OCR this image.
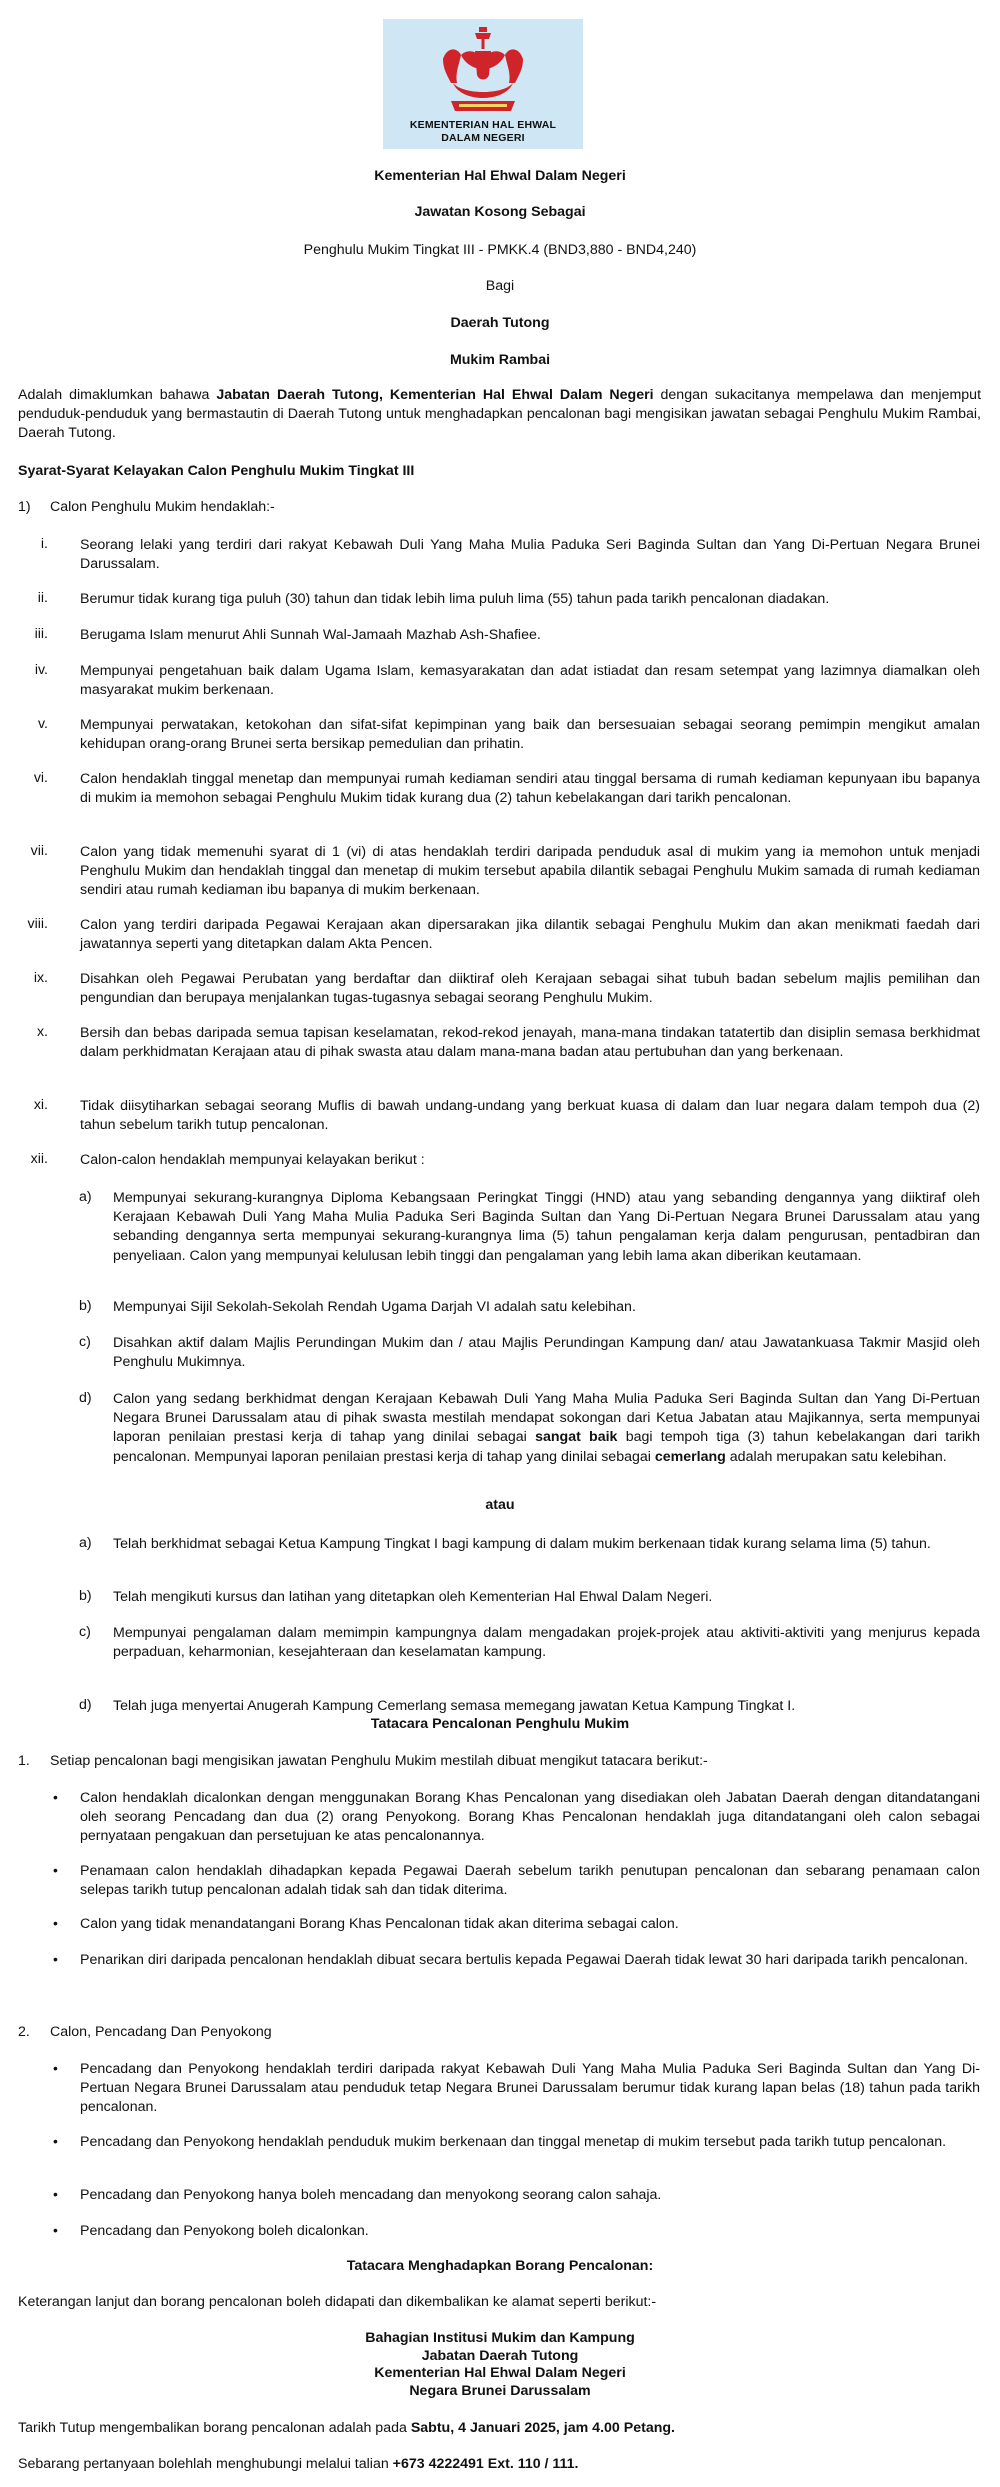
KEMENTERIAN HAL EHWAL
DALAM NEGERI
Kementerian Hal Ehwal Dalam Negeri
Jawatan Kosong Sebagai
Penghulu Mukim Tingkat III - PMKK.4 (BND3,880 - BND4,240)
Bagi
Daerah Tutong
Mukim Rambai
Adalah dimaklumkan bahawa Jabatan Daerah Tutong, Kementerian Hal Ehwal Dalam Negeri dengan sukacitanya mempelawa dan menjemput penduduk-penduduk yang bermastautin di Daerah Tutong untuk menghadapkan pencalonan bagi mengisikan jawatan sebagai Penghulu Mukim Rambai, Daerah Tutong.
Syarat-Syarat Kelayakan Calon Penghulu Mukim Tingkat III
1) Calon Penghulu Mukim hendaklah:-
i. Seorang lelaki yang terdiri dari rakyat Kebawah Duli Yang Maha Mulia Paduka Seri Baginda Sultan dan Yang Di-Pertuan Negara Brunei Darussalam.
ii. Berumur tidak kurang tiga puluh (30) tahun dan tidak lebih lima puluh lima (55) tahun pada tarikh pencalonan diadakan.
iii. Berugama Islam menurut Ahli Sunnah Wal-Jamaah Mazhab Ash-Shafiee.
iv. Mempunyai pengetahuan baik dalam Ugama Islam, kemasyarakatan dan adat istiadat dan resam setempat yang lazimnya diamalkan oleh masyarakat mukim berkenaan.
v. Mempunyai perwatakan, ketokohan dan sifat-sifat kepimpinan yang baik dan bersesuaian sebagai seorang pemimpin mengikut amalan kehidupan orang-orang Brunei serta bersikap pemedulian dan prihatin.
vi. Calon hendaklah tinggal menetap dan mempunyai rumah kediaman sendiri atau tinggal bersama di rumah kediaman kepunyaan ibu bapanya di mukim ia memohon sebagai Penghulu Mukim tidak kurang dua (2) tahun kebelakangan dari tarikh pencalonan.
vii. Calon yang tidak memenuhi syarat di 1 (vi) di atas hendaklah terdiri daripada penduduk asal di mukim yang ia memohon untuk menjadi Penghulu Mukim dan hendaklah tinggal dan menetap di mukim tersebut apabila dilantik sebagai Penghulu Mukim samada di rumah kediaman sendiri atau rumah kediaman ibu bapanya di mukim berkenaan.
viii. Calon yang terdiri daripada Pegawai Kerajaan akan dipersarakan jika dilantik sebagai Penghulu Mukim dan akan menikmati faedah dari jawatannya seperti yang ditetapkan dalam Akta Pencen.
ix. Disahkan oleh Pegawai Perubatan yang berdaftar dan diiktiraf oleh Kerajaan sebagai sihat tubuh badan sebelum majlis pemilihan dan pengundian dan berupaya menjalankan tugas-tugasnya sebagai seorang Penghulu Mukim.
x. Bersih dan bebas daripada semua tapisan keselamatan, rekod-rekod jenayah, mana-mana tindakan tatatertib dan disiplin semasa berkhidmat dalam perkhidmatan Kerajaan atau di pihak swasta atau dalam mana-mana badan atau pertubuhan dan yang berkenaan.
xi. Tidak diisytiharkan sebagai seorang Muflis di bawah undang-undang yang berkuat kuasa di dalam dan luar negara dalam tempoh dua (2) tahun sebelum tarikh tutup pencalonan.
xii. Calon-calon hendaklah mempunyai kelayakan berikut :
a) Mempunyai sekurang-kurangnya Diploma Kebangsaan Peringkat Tinggi (HND) atau yang sebanding dengannya yang diiktiraf oleh Kerajaan Kebawah Duli Yang Maha Mulia Paduka Seri Baginda Sultan dan Yang Di-Pertuan Negara Brunei Darussalam atau yang sebanding dengannya serta mempunyai sekurang-kurangnya lima (5) tahun pengalaman kerja dalam pengurusan, pentadbiran dan penyeliaan. Calon yang mempunyai kelulusan lebih tinggi dan pengalaman yang lebih lama akan diberikan keutamaan.
b) Mempunyai Sijil Sekolah-Sekolah Rendah Ugama Darjah VI adalah satu kelebihan.
c) Disahkan aktif dalam Majlis Perundingan Mukim dan / atau Majlis Perundingan Kampung dan/ atau Jawatankuasa Takmir Masjid oleh Penghulu Mukimnya.
d) Calon yang sedang berkhidmat dengan Kerajaan Kebawah Duli Yang Maha Mulia Paduka Seri Baginda Sultan dan Yang Di-Pertuan Negara Brunei Darussalam atau di pihak swasta mestilah mendapat sokongan dari Ketua Jabatan atau Majikannya, serta mempunyai laporan penilaian prestasi kerja di tahap yang dinilai sebagai sangat baik bagi tempoh tiga (3) tahun kebelakangan dari tarikh pencalonan. Mempunyai laporan penilaian prestasi kerja di tahap yang dinilai sebagai cemerlang adalah merupakan satu kelebihan.
atau
a) Telah berkhidmat sebagai Ketua Kampung Tingkat I bagi kampung di dalam mukim berkenaan tidak kurang selama lima (5) tahun.
b) Telah mengikuti kursus dan latihan yang ditetapkan oleh Kementerian Hal Ehwal Dalam Negeri.
c) Mempunyai pengalaman dalam memimpin kampungnya dalam mengadakan projek-projek atau aktiviti-aktiviti yang menjurus kepada perpaduan, keharmonian, kesejahteraan dan keselamatan kampung.
d) Telah juga menyertai Anugerah Kampung Cemerlang semasa memegang jawatan Ketua Kampung Tingkat I.
Tatacara Pencalonan Penghulu Mukim
1. Setiap pencalonan bagi mengisikan jawatan Penghulu Mukim mestilah dibuat mengikut tatacara berikut:-
• Calon hendaklah dicalonkan dengan menggunakan Borang Khas Pencalonan yang disediakan oleh Jabatan Daerah dengan ditandatangani oleh seorang Pencadang dan dua (2) orang Penyokong. Borang Khas Pencalonan hendaklah juga ditandatangani oleh calon sebagai pernyataan pengakuan dan persetujuan ke atas pencalonannya.
• Penamaan calon hendaklah dihadapkan kepada Pegawai Daerah sebelum tarikh penutupan pencalonan dan sebarang penamaan calon selepas tarikh tutup pencalonan adalah tidak sah dan tidak diterima.
• Calon yang tidak menandatangani Borang Khas Pencalonan tidak akan diterima sebagai calon.
• Penarikan diri daripada pencalonan hendaklah dibuat secara bertulis kepada Pegawai Daerah tidak lewat 30 hari daripada tarikh pencalonan.
2. Calon, Pencadang Dan Penyokong
• Pencadang dan Penyokong hendaklah terdiri daripada rakyat Kebawah Duli Yang Maha Mulia Paduka Seri Baginda Sultan dan Yang Di-Pertuan Negara Brunei Darussalam atau penduduk tetap Negara Brunei Darussalam berumur tidak kurang lapan belas (18) tahun pada tarikh pencalonan.
• Pencadang dan Penyokong hendaklah penduduk mukim berkenaan dan tinggal menetap di mukim tersebut pada tarikh tutup pencalonan.
• Pencadang dan Penyokong hanya boleh mencadang dan menyokong seorang calon sahaja.
• Pencadang dan Penyokong boleh dicalonkan.
Tatacara Menghadapkan Borang Pencalonan:
Keterangan lanjut dan borang pencalonan boleh didapati dan dikembalikan ke alamat seperti berikut:-
Bahagian Institusi Mukim dan Kampung
Jabatan Daerah Tutong
Kementerian Hal Ehwal Dalam Negeri
Negara Brunei Darussalam
Tarikh Tutup mengembalikan borang pencalonan adalah pada Sabtu, 4 Januari 2025, jam 4.00 Petang.
Sebarang pertanyaan bolehlah menghubungi melalui talian +673 4222491 Ext. 110 / 111.
